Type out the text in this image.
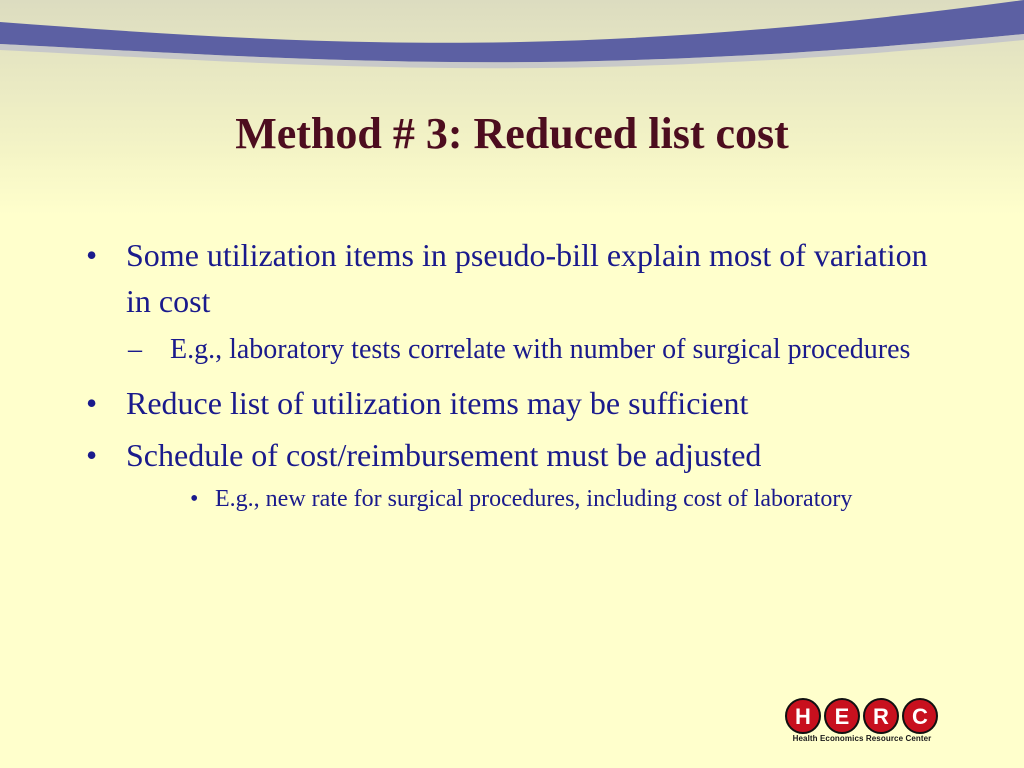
Method # 3: Reduced list cost
• Some utilization items in pseudo-bill explain most of variation in cost
– E.g., laboratory tests correlate with number of surgical procedures
• Reduce list of utilization items may be sufficient
• Schedule of cost/reimbursement must be adjusted
• E.g., new rate for surgical procedures, including cost of laboratory
H E R C
Health Economics Resource Center
